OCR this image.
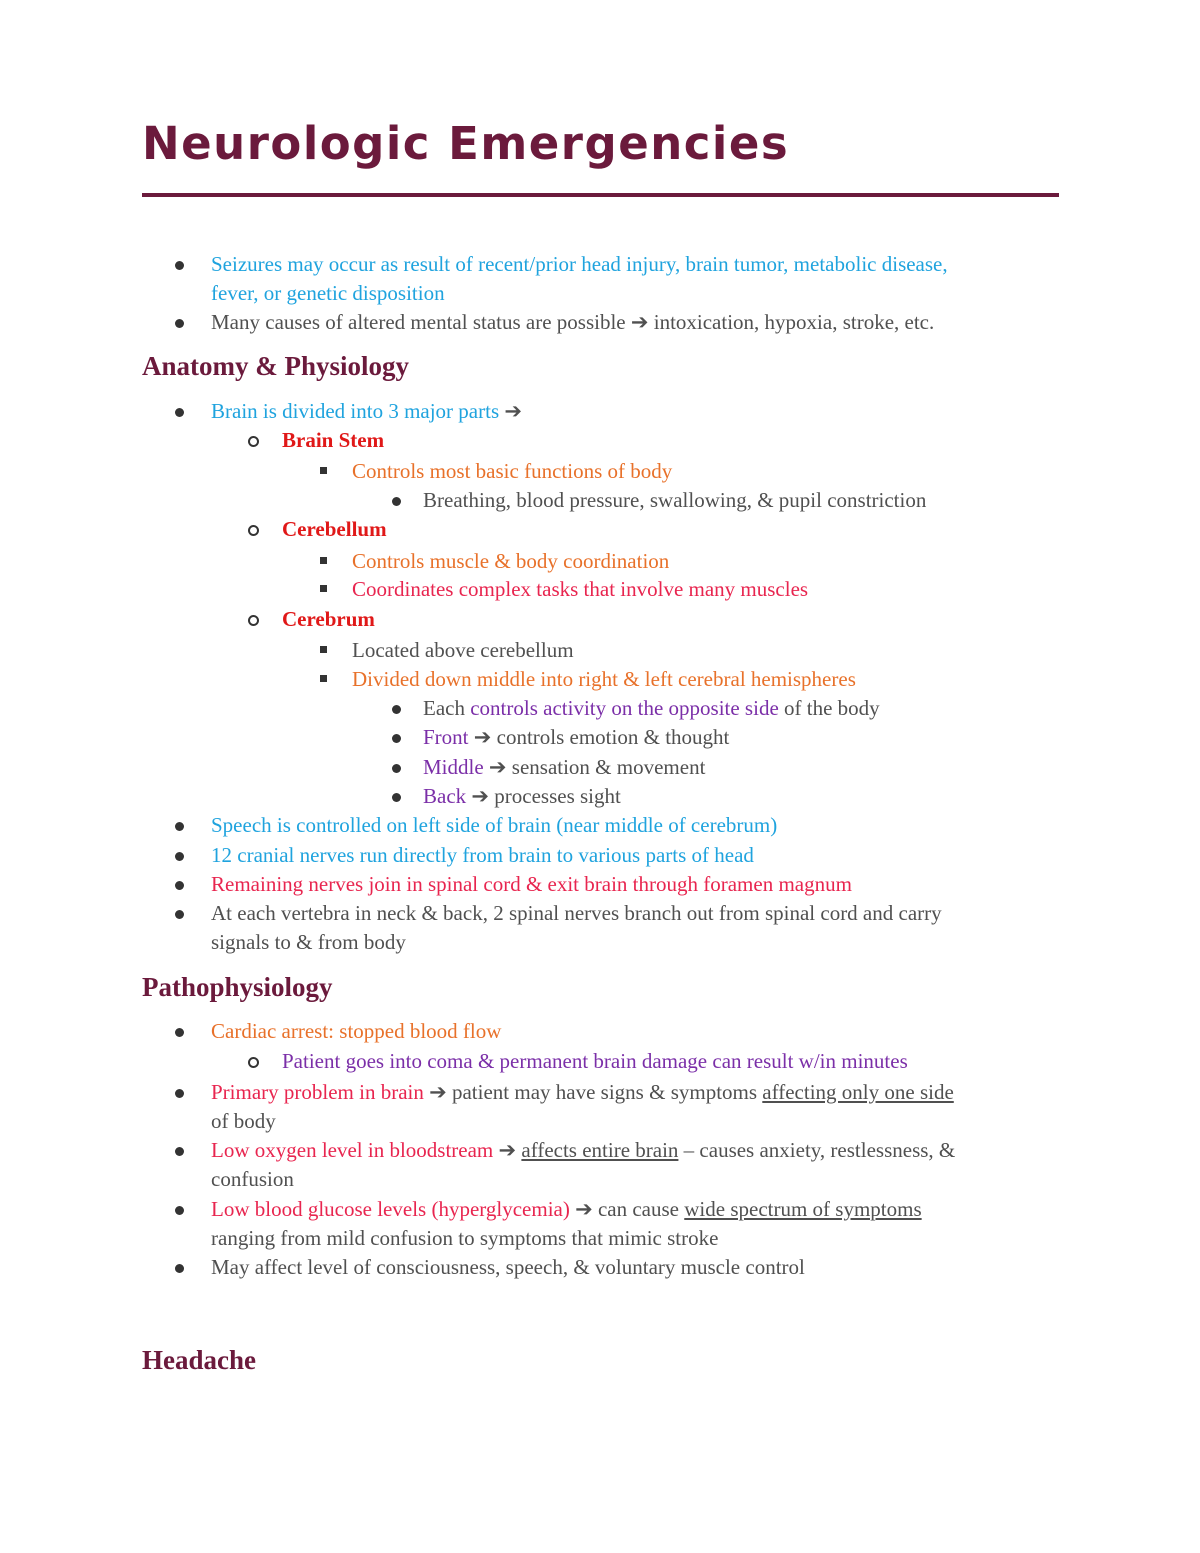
Neurologic Emergencies
Seizures may occur as result of recent/prior head injury, brain tumor, metabolic disease,
fever, or genetic disposition
Many causes of altered mental status are possible ➔ intoxication, hypoxia, stroke, etc.
Anatomy & Physiology
Brain is divided into 3 major parts ➔
Brain Stem
Controls most basic functions of body
Breathing, blood pressure, swallowing, & pupil constriction
Cerebellum
Controls muscle & body coordination
Coordinates complex tasks that involve many muscles
Cerebrum
Located above cerebellum
Divided down middle into right & left cerebral hemispheres
Each controls activity on the opposite side of the body
Front ➔ controls emotion & thought
Middle ➔ sensation & movement
Back ➔ processes sight
Speech is controlled on left side of brain (near middle of cerebrum)
12 cranial nerves run directly from brain to various parts of head
Remaining nerves join in spinal cord & exit brain through foramen magnum
At each vertebra in neck & back, 2 spinal nerves branch out from spinal cord and carry
signals to & from body
Pathophysiology
Cardiac arrest: stopped blood flow
Patient goes into coma & permanent brain damage can result w/in minutes
Primary problem in brain ➔ patient may have signs & symptoms affecting only one side
of body
Low oxygen level in bloodstream ➔ affects entire brain – causes anxiety, restlessness, &
confusion
Low blood glucose levels (hyperglycemia) ➔ can cause wide spectrum of symptoms
ranging from mild confusion to symptoms that mimic stroke
May affect level of consciousness, speech, & voluntary muscle control
Headache
